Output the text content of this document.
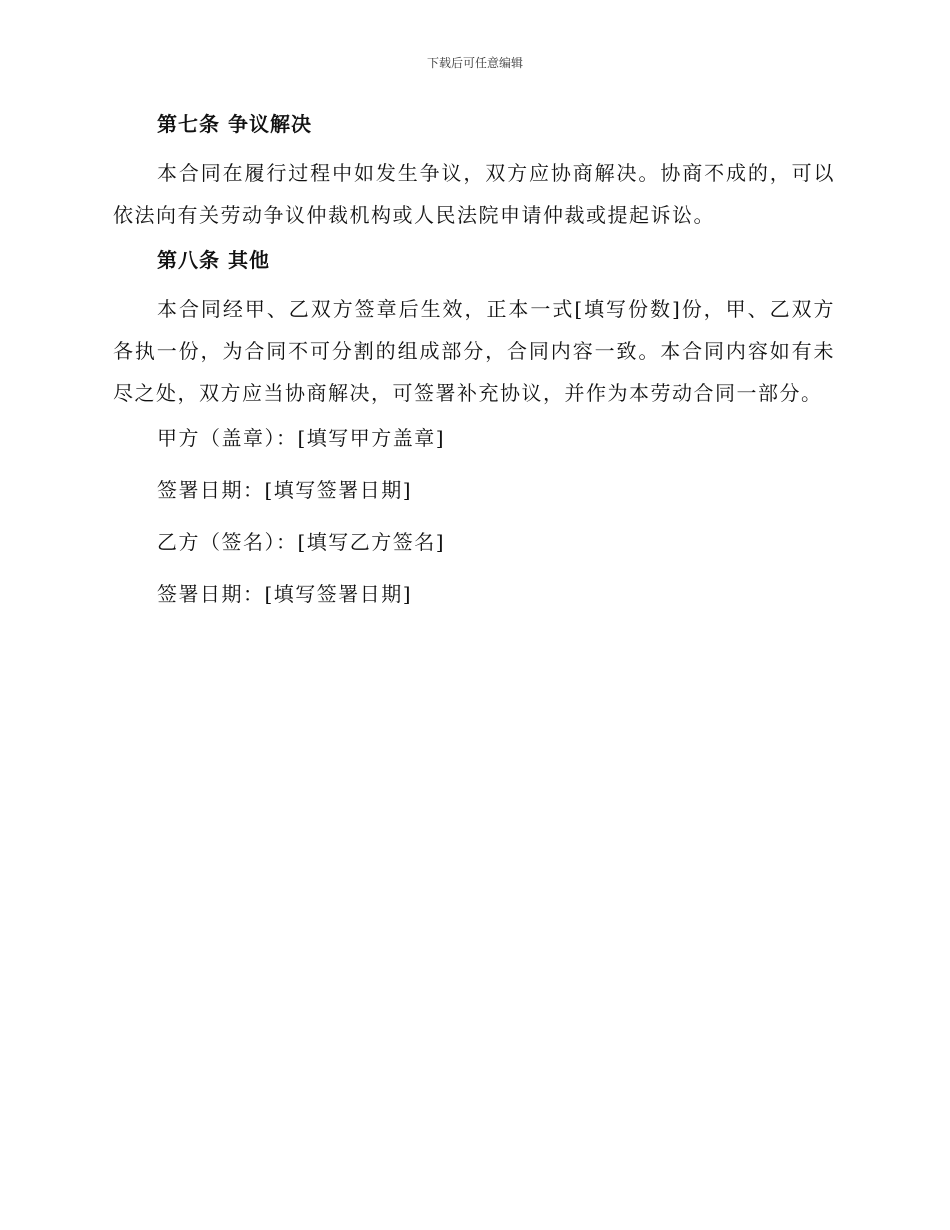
下载后可任意编辑
第七条 争议解决

本合同在履行过程中如发生争议，双方应协商解决。协商不成的，可以依法向有关劳动争议仲裁机构或人民法院申请仲裁或提起诉讼。

第八条 其他

本合同经甲、乙双方签章后生效，正本一式[填写份数]份，甲、乙双方各执一份，为合同不可分割的组成部分，合同内容一致。本合同内容如有未尽之处，双方应当协商解决，可签署补充协议，并作为本劳动合同一部分。

甲方（盖章）：[填写甲方盖章]
签署日期：[填写签署日期]
乙方（签名）：[填写乙方签名]
签署日期：[填写签署日期]
